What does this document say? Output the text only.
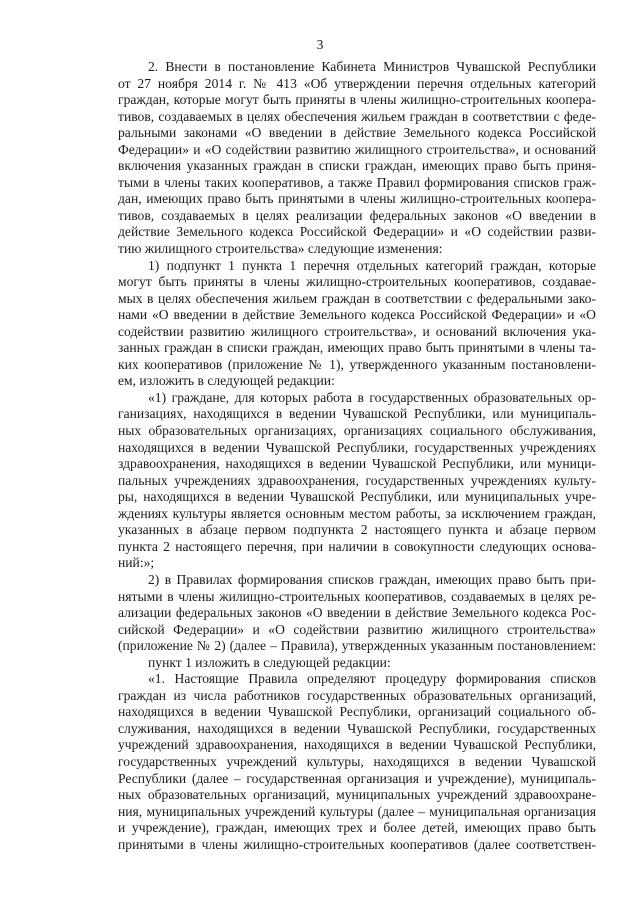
3
2. Внести в постановление Кабинета Министров Чувашской Республики
от 27 ноября 2014 г. № 413 «Об утверждении перечня отдельных категорий
граждан, которые могут быть приняты в члены жилищно-строительных коопера-
тивов, создаваемых в целях обеспечения жильем граждан в соответствии с феде-
ральными законами «О введении в действие Земельного кодекса Российской
Федерации» и «О содействии развитию жилищного строительства», и оснований
включения указанных граждан в списки граждан, имеющих право быть приня-
тыми в члены таких кооперативов, а также Правил формирования списков граж-
дан, имеющих право быть принятыми в члены жилищно-строительных коопера-
тивов, создаваемых в целях реализации федеральных законов «О введении в
действие Земельного кодекса Российской Федерации» и «О содействии разви-
тию жилищного строительства» следующие изменения:
1) подпункт 1 пункта 1 перечня отдельных категорий граждан, которые
могут быть приняты в члены жилищно-строительных кооперативов, создавае-
мых в целях обеспечения жильем граждан в соответствии с федеральными зако-
нами «О введении в действие Земельного кодекса Российской Федерации» и «О
содействии развитию жилищного строительства», и оснований включения ука-
занных граждан в списки граждан, имеющих право быть принятыми в члены та-
ких кооперативов (приложение № 1), утвержденного указанным постановлени-
ем, изложить в следующей редакции:
«1) граждане, для которых работа в государственных образовательных ор-
ганизациях, находящихся в ведении Чувашской Республики, или муниципаль-
ных образовательных организациях, организациях социального обслуживания,
находящихся в ведении Чувашской Республики, государственных учреждениях
здравоохранения, находящихся в ведении Чувашской Республики, или муници-
пальных учреждениях здравоохранения, государственных учреждениях культу-
ры, находящихся в ведении Чувашской Республики, или муниципальных учре-
ждениях культуры является основным местом работы, за исключением граждан,
указанных в абзаце первом подпункта 2 настоящего пункта и абзаце первом
пункта 2 настоящего перечня, при наличии в совокупности следующих основа-
ний:»;
2) в Правилах формирования списков граждан, имеющих право быть при-
нятыми в члены жилищно-строительных кооперативов, создаваемых в целях ре-
ализации федеральных законов «О введении в действие Земельного кодекса Рос-
сийской Федерации» и «О содействии развитию жилищного строительства»
(приложение № 2) (далее – Правила), утвержденных указанным постановлением:
пункт 1 изложить в следующей редакции:
«1. Настоящие Правила определяют процедуру формирования списков
граждан из числа работников государственных образовательных организаций,
находящихся в ведении Чувашской Республики, организаций социального об-
служивания, находящихся в ведении Чувашской Республики, государственных
учреждений здравоохранения, находящихся в ведении Чувашской Республики,
государственных учреждений культуры, находящихся в ведении Чувашской
Республики (далее – государственная организация и учреждение), муниципаль-
ных образовательных организаций, муниципальных учреждений здравоохране-
ния, муниципальных учреждений культуры (далее – муниципальная организация
и учреждение), граждан, имеющих трех и более детей, имеющих право быть
принятыми в члены жилищно-строительных кооперативов (далее соответствен-
